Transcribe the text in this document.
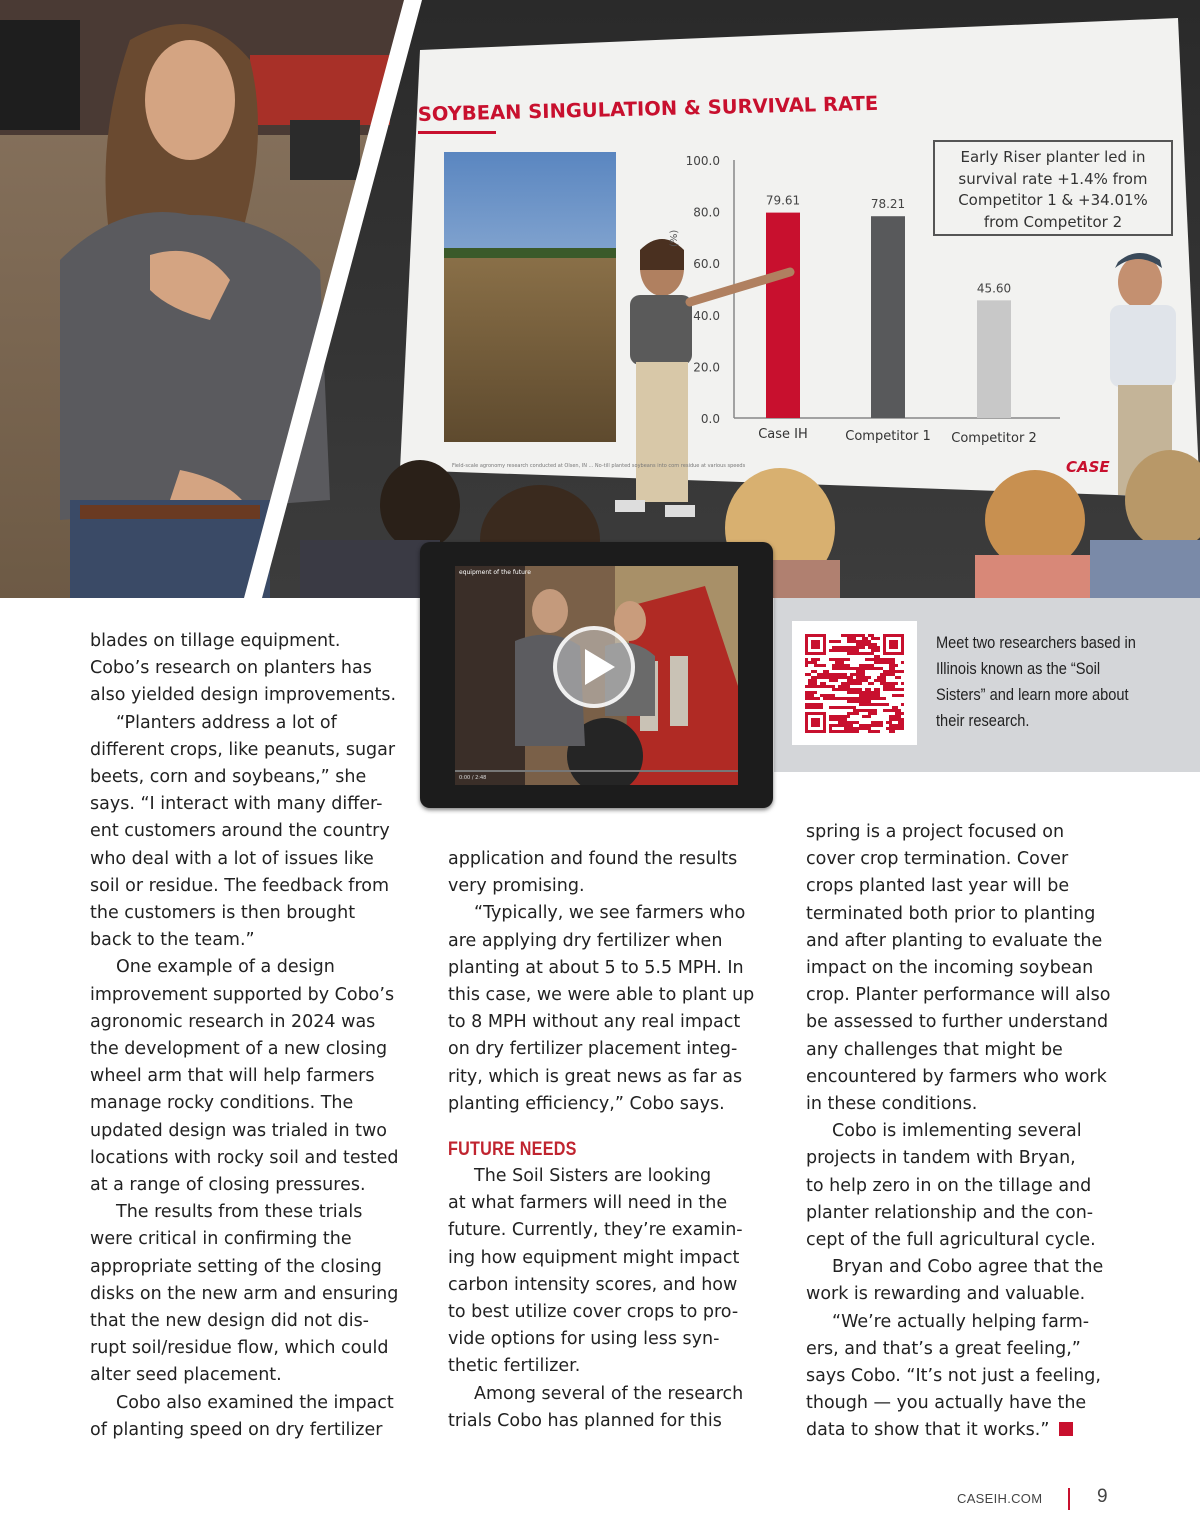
100.0
80.0
60.0
40.0
20.0
0.0
79.61
Case IH
78.21
Competitor 1
45.60
Competitor 2
SOYBEAN SINGULATION & SURVIVAL RATE
Early Riser planter led in
survival rate +1.4% from
Competitor 1 & +34.01%
from Competitor 2
(%)
Field-scale agronomy research conducted at Olsen, IN ... No-till planted soybeans into corn residue at various speeds	CASE
Meet two researchers based in Illinois known as the “Soil Sisters” and learn more about their research.
equipment of the future
0:00 / 2:48

blades on tillage equipment.

Cobo’s research on planters has

also yielded design improvements.

“Planters address a lot of

different crops, like peanuts, sugar

beets, corn and soybeans,” she

says. “I interact with many differ-

ent customers around the country

who deal with a lot of issues like

soil or residue. The feedback from

the customers is then brought

back to the team.”

One example of a design

improvement supported by Cobo’s

agronomic research in 2024 was

the development of a new closing

wheel arm that will help farmers

manage rocky conditions. The

updated design was trialed in two

locations with rocky soil and tested

at a range of closing pressures.

The results from these trials

were critical in confirming the

appropriate setting of the closing

disks on the new arm and ensuring

that the new design did not dis-

rupt soil/residue flow, which could

alter seed placement.

Cobo also examined the impact

of planting speed on dry fertilizer

application and found the results

very promising.

“Typically, we see farmers who

are applying dry fertilizer when

planting at about 5 to 5.5 MPH. In

this case, we were able to plant up

to 8 MPH without any real impact

on dry fertilizer placement integ-

rity, which is great news as far as

planting efficiency,” Cobo says.

FUTURE NEEDS

The Soil Sisters are looking

at what farmers will need in the

future. Currently, they’re examin-

ing how equipment might impact

carbon intensity scores, and how

to best utilize cover crops to pro-

vide options for using less syn-

thetic fertilizer.

Among several of the research

trials Cobo has planned for this

spring is a project focused on

cover crop termination. Cover

crops planted last year will be

terminated both prior to planting

and after planting to evaluate the

impact on the incoming soybean

crop. Planter performance will also

be assessed to further understand

any challenges that might be

encountered by farmers who work

in these conditions.

Cobo is imlementing several

projects in tandem with Bryan,

to help zero in on the tillage and

planter relationship and the con-

cept of the full agricultural cycle.

Bryan and Cobo agree that the

work is rewarding and valuable.

“We’re actually helping farm-

ers, and that’s a great feeling,”

says Cobo. “It’s not just a feeling,

though — you actually have the

data to show that it works.”

CASEIH.COM	9
